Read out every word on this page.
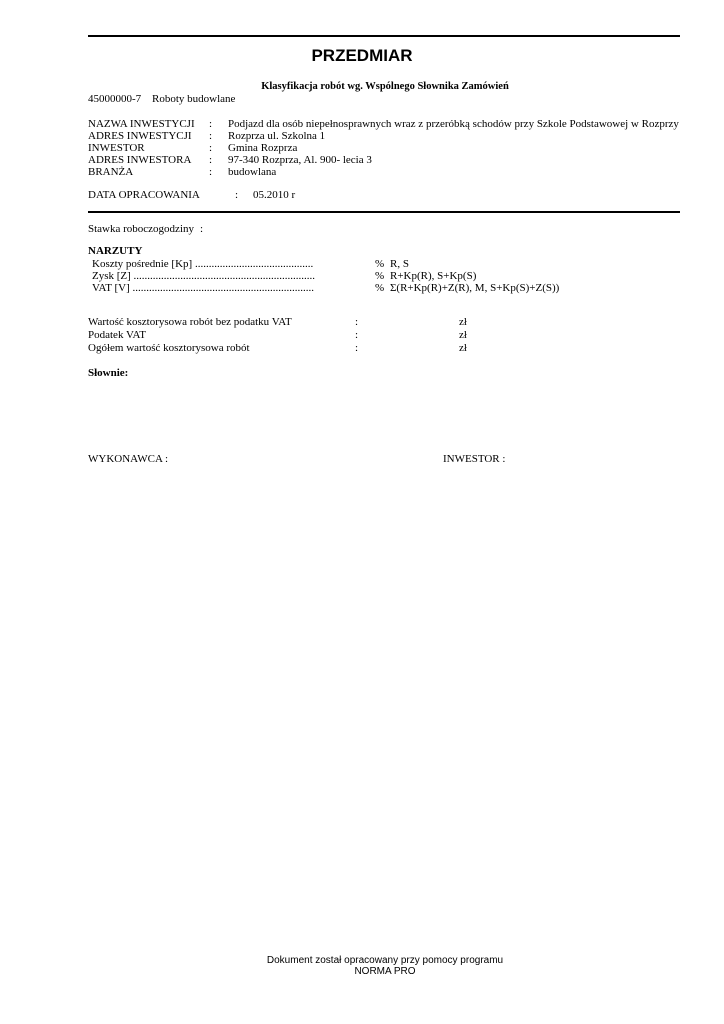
PRZEDMIAR
Klasyfikacja robót wg. Wspólnego Słownika Zamówień
45000000-7 Roboty budowlane
NAZWA INWESTYCJI : Podjazd dla osób niepełnosprawnych wraz z przeróbką schodów przy Szkole Podstawowej w Rozprzy
ADRES INWESTYCJI : Rozprza ul. Szkolna 1
INWESTOR	: Gmina Rozprza
ADRES INWESTORA : 97-340 Rozprza, Al. 900- lecia 3
BRANŻA	: budowlana
DATA OPRACOWANIA	: 05.2010 r
Stawka roboczogodziny :
NARZUTY
Koszty pośrednie [Kp] ...........................................	% R, S
Zysk [Z] ..................................................................	% R+Kp(R), S+Kp(S)
VAT [V] ..................................................................	% Σ(R+Kp(R)+Z(R), M, S+Kp(S)+Z(S))
Wartość kosztorysowa robót bez podatku VAT	:	zł
Podatek VAT	:	zł
Ogółem wartość kosztorysowa robót	:	zł
Słownie:
WYKONAWCA :	INWESTOR :
Dokument został opracowany przy pomocy programu
NORMA PRO
